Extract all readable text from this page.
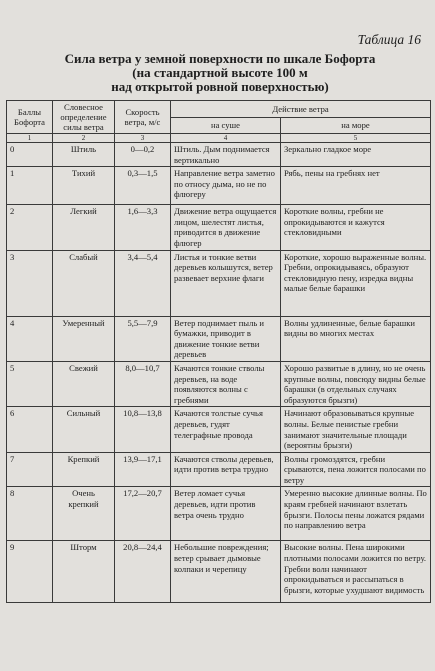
Таблица 16
Сила ветра у земной поверхности по шкале Бофорта
(на стандартной высоте 100 м
над открытой ровной поверхностью)
Баллы Бофорта	Словесное определение силы ветра	Скорость ветра, м/с	Действие ветра	
			на суше	на море
1	2	3	4	5
0	Штиль	0—0,2	Штиль. Дым поднимается вертикально	Зеркально гладкое море
1	Тихий	0,3—1,5	Направление ветра заметно по относу дыма, но не по флюгеру	Рябь, пены на гребнях нет
2	Легкий	1,6—3,3	Движение ветра ощущается лицом, шелестят листья, приводится в движение флюгер	Короткие волны, гребни не опрокидываются и кажутся стекловидными
3	Слабый	3,4—5,4	Листья и тонкие ветви деревьев колышутся, ветер развевает верхние флаги	Короткие, хорошо выраженные волны. Гребни, опрокидываясь, образуют стекловидную пену, изредка видны малые белые барашки
4	Умеренный	5,5—7,9	Ветер поднимает пыль и бумажки, приводит в движение тонкие ветви деревьев	Волны удлиненные, белые барашки видны во многих местах
5	Свежий	8,0—10,7	Качаются тонкие стволы деревьев, на воде появляются волны с гребнями	Хорошо развитые в длину, но не очень крупные волны, повсюду видны белые барашки (в отдельных случаях образуются брызги)
6	Сильный	10,8—13,8	Качаются толстые сучья деревьев, гудят телеграфные провода	Начинают образовываться крупные волны. Белые пенистые гребни занимают значительные площади (вероятны брызги)
7	Крепкий	13,9—17,1	Качаются стволы деревьев, идти против ветра трудно	Волны громоздятся, гребни срываются, пена ложится полосами по ветру
8	Очень крепкий	17,2—20,7	Ветер ломает сучья деревьев, идти против ветра очень трудно	Умеренно высокие длинные волны. По краям гребней начинают взлетать брызги. Полосы пены ложатся рядами по направлению ветра
9	Шторм	20,8—24,4	Небольшие повреждения; ветер срывает дымовые колпаки и черепицу	Высокие волны. Пена широкими плотными полосами ложится по ветру. Гребни волн начинают опрокидываться и рассыпаться в брызги, которые ухудшают видимость
